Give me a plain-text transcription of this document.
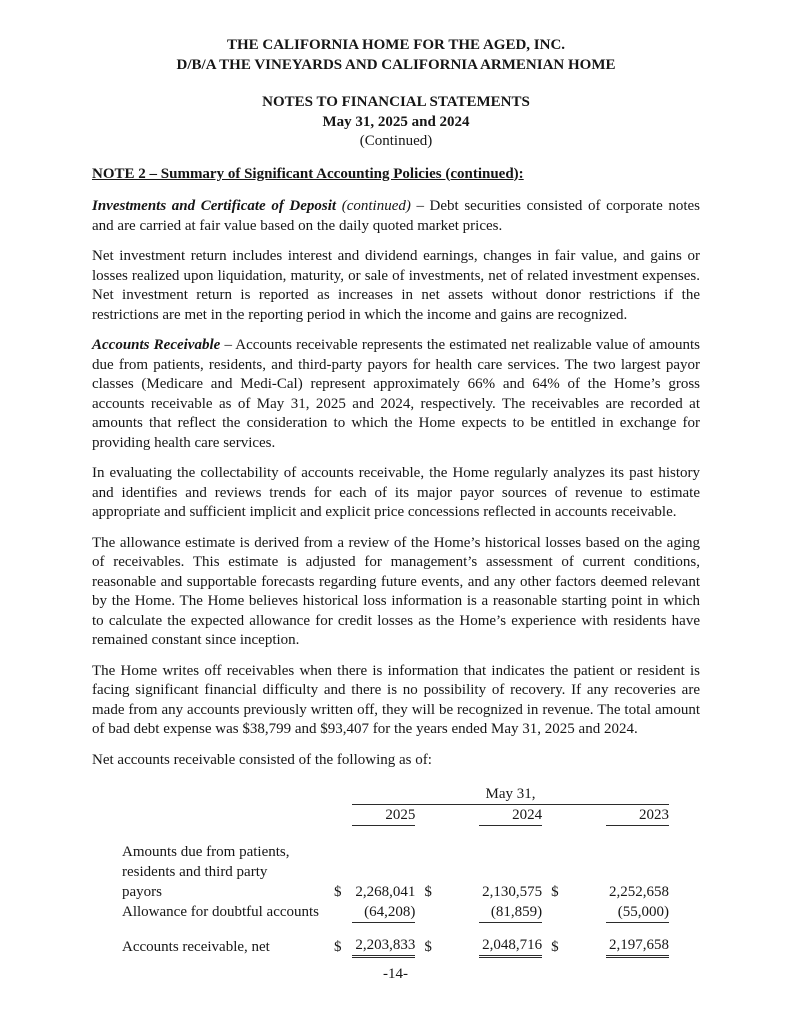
THE CALIFORNIA HOME FOR THE AGED, INC.
D/B/A THE VINEYARDS AND CALIFORNIA ARMENIAN HOME
NOTES TO FINANCIAL STATEMENTS
May 31, 2025 and 2024
(Continued)
NOTE 2 – Summary of Significant Accounting Policies (continued):

Investments and Certificate of Deposit (continued) – Debt securities consisted of corporate notes and are carried at fair value based on the daily quoted market prices.

Net investment return includes interest and dividend earnings, changes in fair value, and gains or losses realized upon liquidation, maturity, or sale of investments, net of related investment expenses. Net investment return is reported as increases in net assets without donor restrictions if the restrictions are met in the reporting period in which the income and gains are recognized.

Accounts Receivable – Accounts receivable represents the estimated net realizable value of amounts due from patients, residents, and third-party payors for health care services. The two largest payor classes (Medicare and Medi-Cal) represent approximately 66% and 64% of the Home’s gross accounts receivable as of May 31, 2025 and 2024, respectively. The receivables are recorded at amounts that reflect the consideration to which the Home expects to be entitled in exchange for providing health care services.

In evaluating the collectability of accounts receivable, the Home regularly analyzes its past history and identifies and reviews trends for each of its major payor sources of revenue to estimate appropriate and sufficient implicit and explicit price concessions reflected in accounts receivable.

The allowance estimate is derived from a review of the Home’s historical losses based on the aging of receivables. This estimate is adjusted for management’s assessment of current conditions, reasonable and supportable forecasts regarding future events, and any other factors deemed relevant by the Home. The Home believes historical loss information is a reasonable starting point in which to calculate the expected allowance for credit losses as the Home’s experience with residents have remained constant since inception.

The Home writes off receivables when there is information that indicates the patient or resident is facing significant financial difficulty and there is no possibility of recovery. If any recoveries are made from any accounts previously written off, they will be recognized in revenue. The total amount of bad debt expense was $38,799 and $93,407 for the years ended May 31, 2025 and 2024.

Net accounts receivable consisted of the following as of:

		May 31,				
		2025		2024		2023

Amounts due from patients,						
residents and third party						
payors	$	2,268,041	$	2,130,575	$	2,252,658
Allowance for doubtful accounts		(64,208)		(81,859)		(55,000)

Accounts receivable, net	$	2,203,833	$	2,048,716	$	2,197,658
-14-
